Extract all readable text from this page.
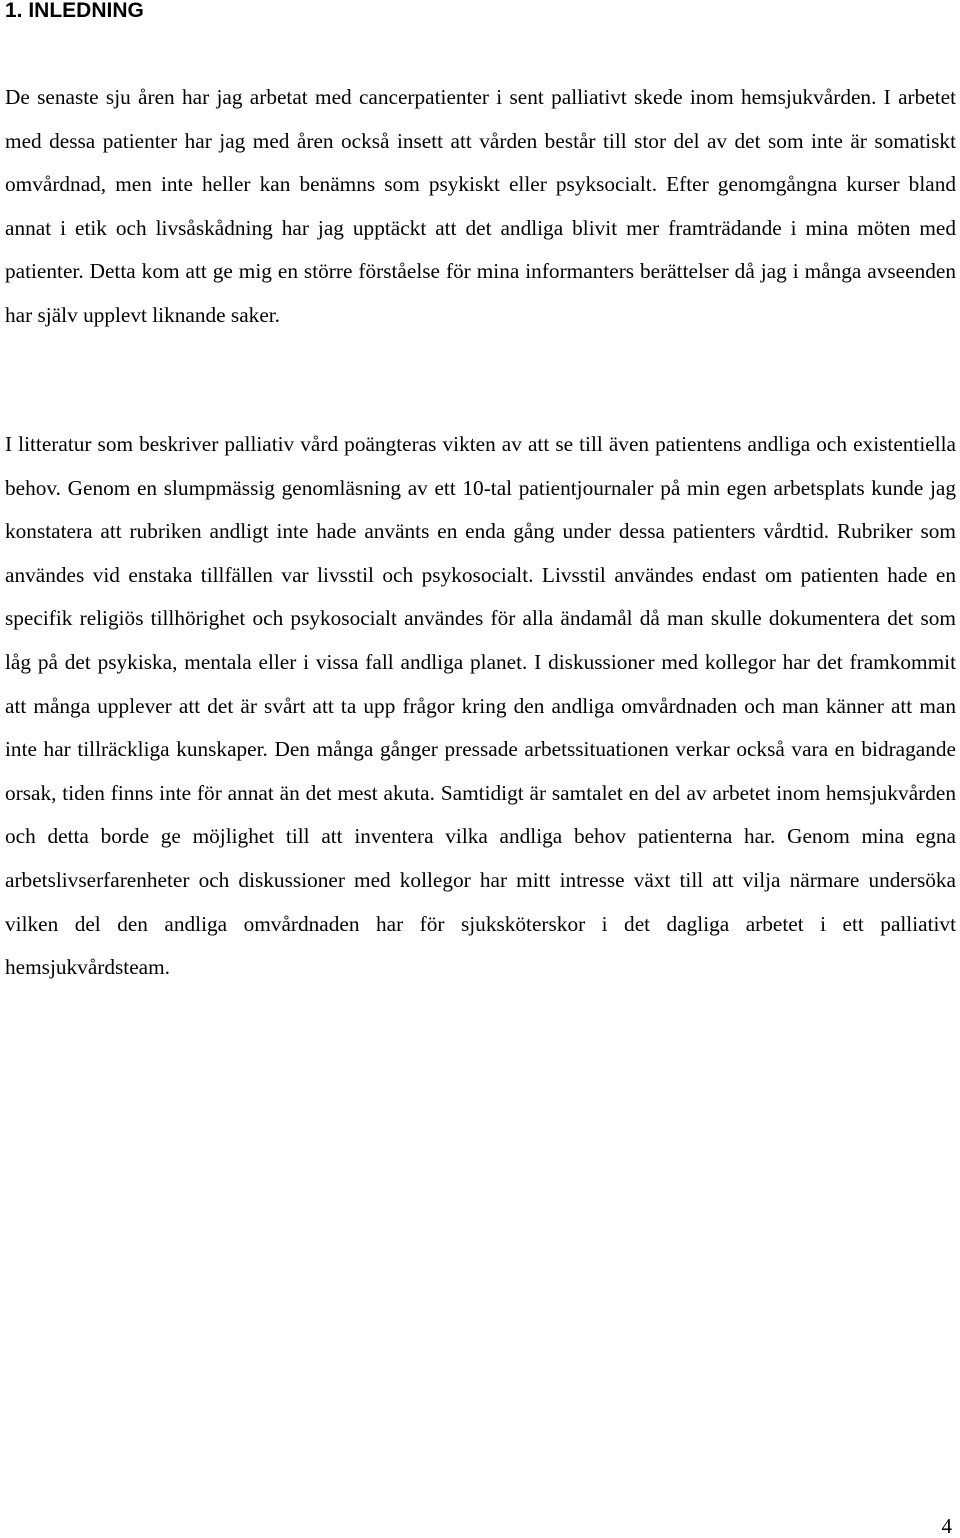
1. INLEDNING

De senaste sju åren har jag arbetat med cancerpatienter i sent palliativt skede inom hemsjukvården. I arbetet med dessa patienter har jag med åren också insett att vården består till stor del av det som inte är somatiskt omvårdnad, men inte heller kan benämns som psykiskt eller psyksocialt. Efter genomgångna kurser bland annat i etik och livsåskådning har jag upptäckt att det andliga blivit mer framträdande i mina möten med patienter. Detta kom att ge mig en större förståelse för mina informanters berättelser då jag i många avseenden har själv upplevt liknande saker.

I litteratur som beskriver palliativ vård poängteras vikten av att se till även patientens andliga och existentiella behov. Genom en slumpmässig genomläsning av ett 10-tal patientjournaler på min egen arbetsplats kunde jag konstatera att rubriken andligt inte hade använts en enda gång under dessa patienters vårdtid. Rubriker som användes vid enstaka tillfällen var livsstil och psykosocialt. Livsstil användes endast om patienten hade en specifik religiös tillhörighet och psykosocialt användes för alla ändamål då man skulle dokumentera det som låg på det psykiska, mentala eller i vissa fall andliga planet. I diskussioner med kollegor har det framkommit att många upplever att det är svårt att ta upp frågor kring den andliga omvårdnaden och man känner att man inte har tillräckliga kunskaper. Den många gånger pressade arbetssituationen verkar också vara en bidragande orsak, tiden finns inte för annat än det mest akuta. Samtidigt är samtalet en del av arbetet inom hemsjukvården och detta borde ge möjlighet till att inventera vilka andliga behov patienterna har. Genom mina egna arbetslivserfarenheter och diskussioner med kollegor har mitt intresse växt till att vilja närmare undersöka vilken del den andliga omvårdnaden har för sjuksköterskor i det dagliga arbetet i ett palliativt hemsjukvårdsteam.

4
